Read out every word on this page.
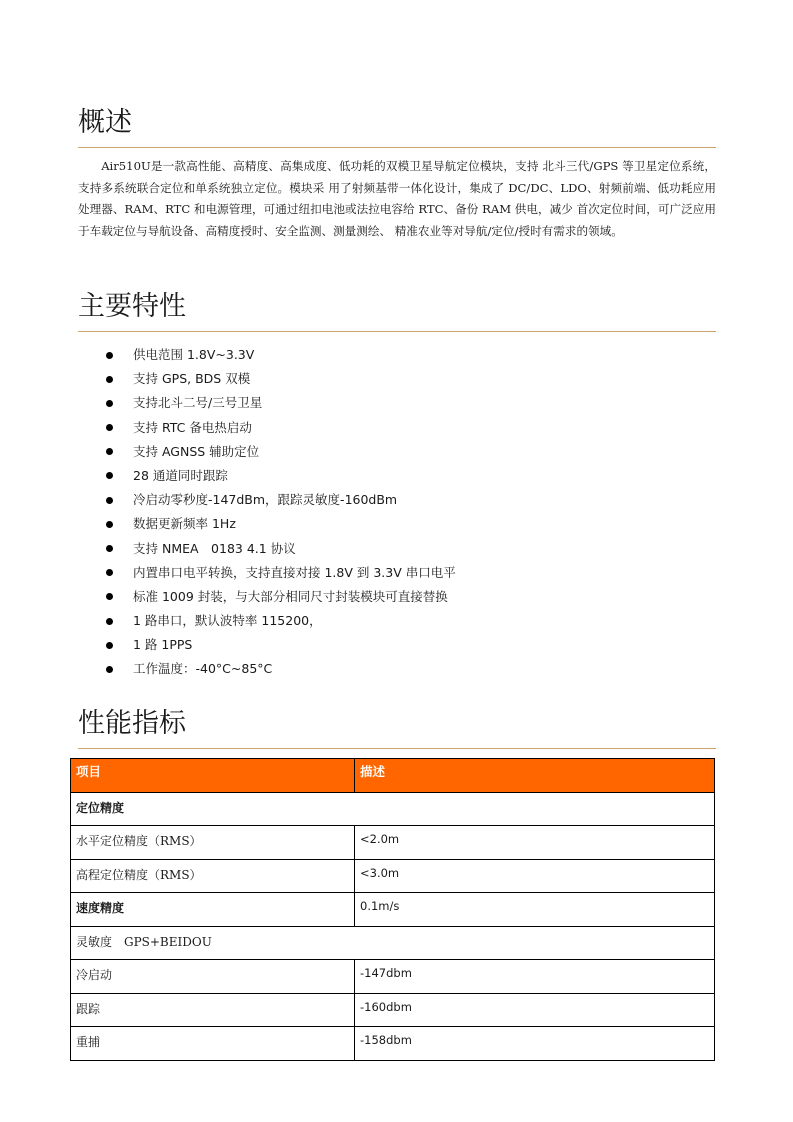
概述

Air510U是一款高性能、高精度、高集成度、低功耗的双模卫星导航定位模块，支持 北斗三代/GPS 等卫星定位系统，支持多系统联合定位和单系统独立定位。模块采 用了射频基带一体化设计，集成了 DC/DC、LDO、射频前端、低功耗应用处理器、RAM、RTC 和电源管理，可通过纽扣电池或法拉电容给 RTC、备份 RAM 供电，减少 首次定位时间，可广泛应用于车载定位与导航设备、高精度授时、安全监测、测量测绘、 精准农业等对导航/定位/授时有需求的领域。

主要特性
供电范围 1.8V~3.3V
支持 GPS, BDS 双模
支持北斗二号/三号卫星
支持 RTC 备电热启动
支持 AGNSS 辅助定位
28 通道同时跟踪
冷启动零秒度-147dBm，跟踪灵敏度-160dBm
数据更新频率 1Hz
支持 NMEA　0183 4.1 协议
内置串口电平转换，支持直接对接 1.8V 到 3.3V 串口电平
标准 1009 封装，与大部分相同尺寸封装模块可直接替换
1 路串口，默认波特率 115200，
1 路 1PPS
工作温度：-40°C~85°C
性能指标
项目	描述
定位精度	
水平定位精度（RMS）	<2.0m
高程定位精度（RMS）	<3.0m
速度精度	0.1m/s
灵敏度　GPS+BEIDOU	
冷启动	-147dbm
跟踪	-160dbm
重捕	-158dbm
